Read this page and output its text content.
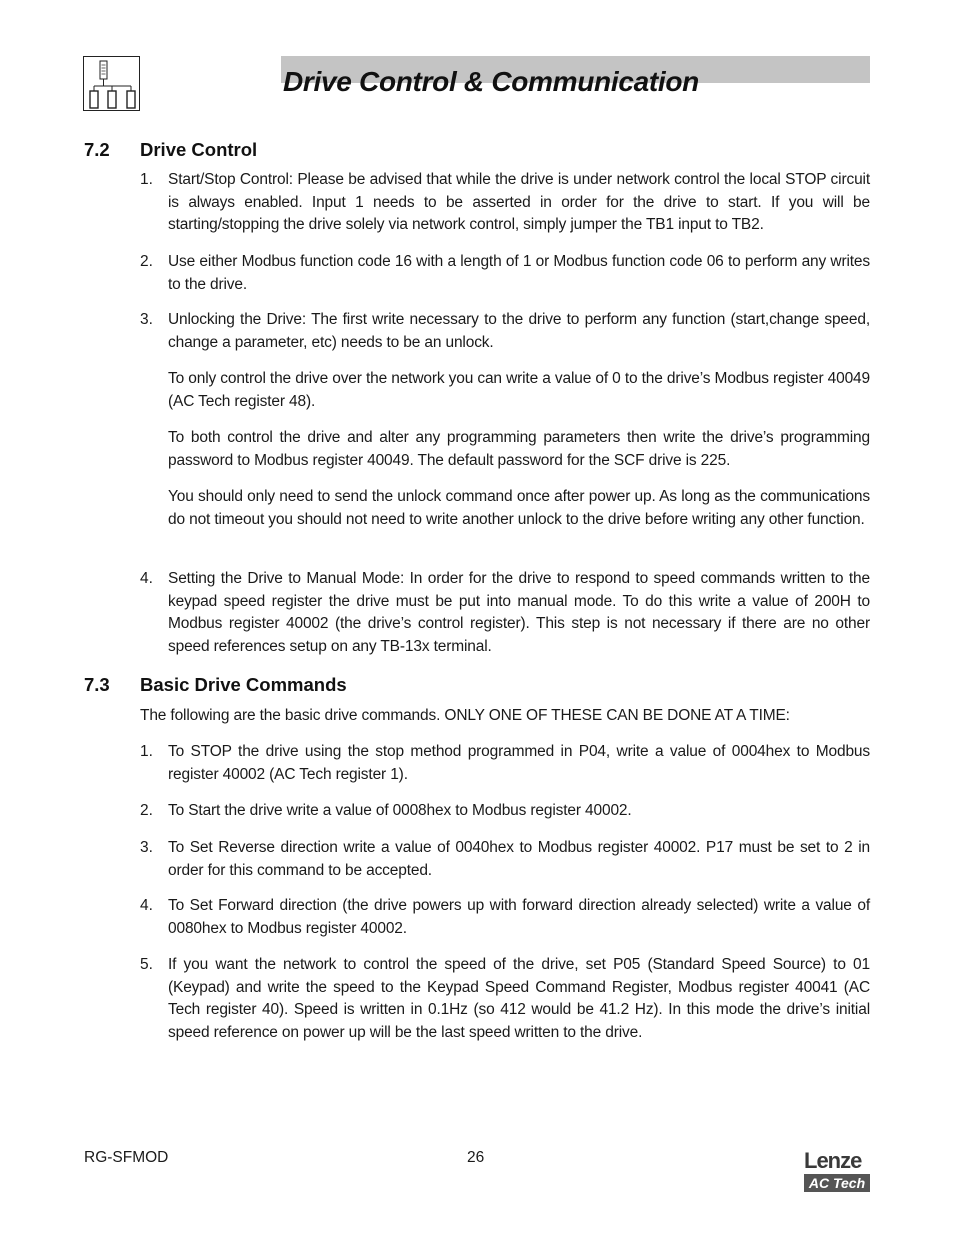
Drive Control & Communication
7.2 Drive Control
1. Start/Stop Control: Please be advised that while the drive is under network control the local STOP circuit is always enabled. Input 1 needs to be asserted in order for the drive to start. If you will be starting/stopping the drive solely via network control, simply jumper the TB1 input to TB2.
2. Use either Modbus function code 16 with a length of 1 or Modbus function code 06 to perform any writes to the drive.
3. Unlocking the Drive: The first write necessary to the drive to perform any function (start,change speed, change a parameter, etc) needs to be an unlock.
To only control the drive over the network you can write a value of 0 to the drive’s Modbus register 40049 (AC Tech register 48).
To both control the drive and alter any programming parameters then write the drive’s programming password to Modbus register 40049. The default password for the SCF drive is 225.
You should only need to send the unlock command once after power up. As long as the communications do not timeout you should not need to write another unlock to the drive before writing any other function.
4. Setting the Drive to Manual Mode: In order for the drive to respond to speed commands written to the keypad speed register the drive must be put into manual mode. To do this write a value of 200H to Modbus register 40002 (the drive’s control register). This step is not necessary if there are no other speed references setup on any TB-13x terminal.
7.3 Basic Drive Commands
The following are the basic drive commands. ONLY ONE OF THESE CAN BE DONE AT A TIME:
1. To STOP the drive using the stop method programmed in P04, write a value of 0004hex to Modbus register 40002 (AC Tech register 1).
2. To Start the drive write a value of 0008hex to Modbus register 40002.
3. To Set Reverse direction write a value of 0040hex to Modbus register 40002. P17 must be set to 2 in order for this command to be accepted.
4. To Set Forward direction (the drive powers up with forward direction already selected) write a value of 0080hex to Modbus register 40002.
5. If you want the network to control the speed of the drive, set P05 (Standard Speed Source) to 01 (Keypad) and write the speed to the Keypad Speed Command Register, Modbus register 40041 (AC Tech register 40). Speed is written in 0.1Hz (so 412 would be 41.2 Hz). In this mode the drive’s initial speed reference on power up will be the last speed written to the drive.
RG-SFMOD	26	Lenze
AC Tech
